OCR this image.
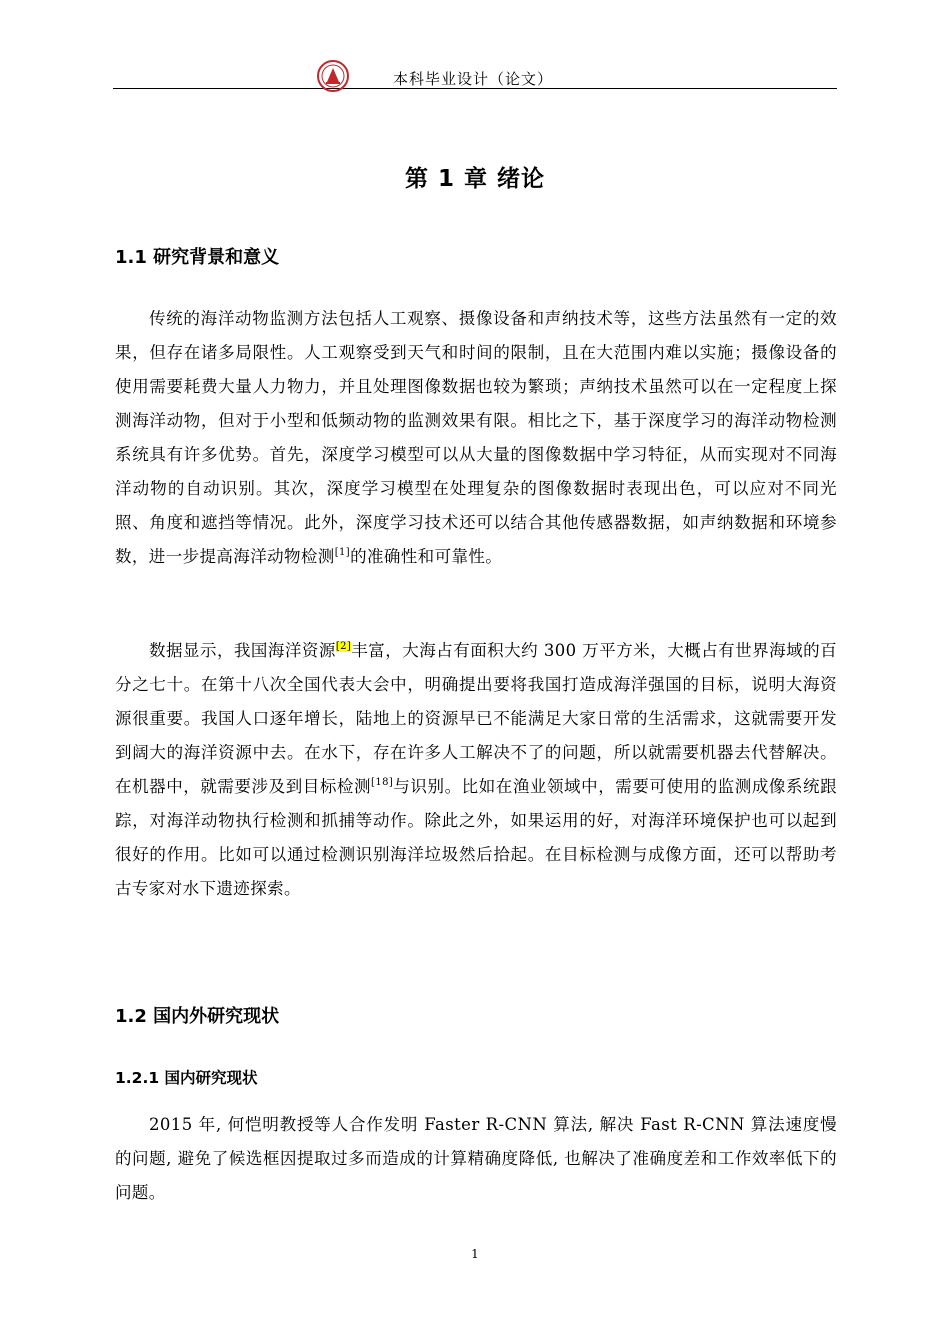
本科毕业设计（论文）
第 1 章 绪论
1.1 研究背景和意义
传统的海洋动物监测方法包括人工观察、摄像设备和声纳技术等，这些方法虽然有一定的效果，但存在诸多局限性。人工观察受到天气和时间的限制，且在大范围内难以实施；摄像设备的使用需要耗费大量人力物力，并且处理图像数据也较为繁琐；声纳技术虽然可以在一定程度上探测海洋动物，但对于小型和低频动物的监测效果有限。相比之下，基于深度学习的海洋动物检测系统具有许多优势。首先，深度学习模型可以从大量的图像数据中学习特征，从而实现对不同海洋动物的自动识别。其次，深度学习模型在处理复杂的图像数据时表现出色，可以应对不同光照、角度和遮挡等情况。此外，深度学习技术还可以结合其他传感器数据，如声纳数据和环境参数，进一步提高海洋动物检测[1]的准确性和可靠性。
数据显示，我国海洋资源[2]丰富，大海占有面积大约 300 万平方米，大概占有世界海域的百分之七十。在第十八次全国代表大会中，明确提出要将我国打造成海洋强国的目标，说明大海资源很重要。我国人口逐年增长，陆地上的资源早已不能满足大家日常的生活需求，这就需要开发到阔大的海洋资源中去。在水下，存在许多人工解决不了的问题，所以就需要机器去代替解决。在机器中，就需要涉及到目标检测[18]与识别。比如在渔业领域中，需要可使用的监测成像系统跟踪，对海洋动物执行检测和抓捕等动作。除此之外，如果运用的好，对海洋环境保护也可以起到很好的作用。比如可以通过检测识别海洋垃圾然后拾起。在目标检测与成像方面，还可以帮助考古专家对水下遗迹探索。
1.2 国内外研究现状
1.2.1 国内研究现状
2015 年, 何恺明教授等人合作发明 Faster R-CNN 算法, 解决 Fast R-CNN 算法速度慢的问题, 避免了候选框因提取过多而造成的计算精确度降低, 也解决了准确度差和工作效率低下的问题。
1
